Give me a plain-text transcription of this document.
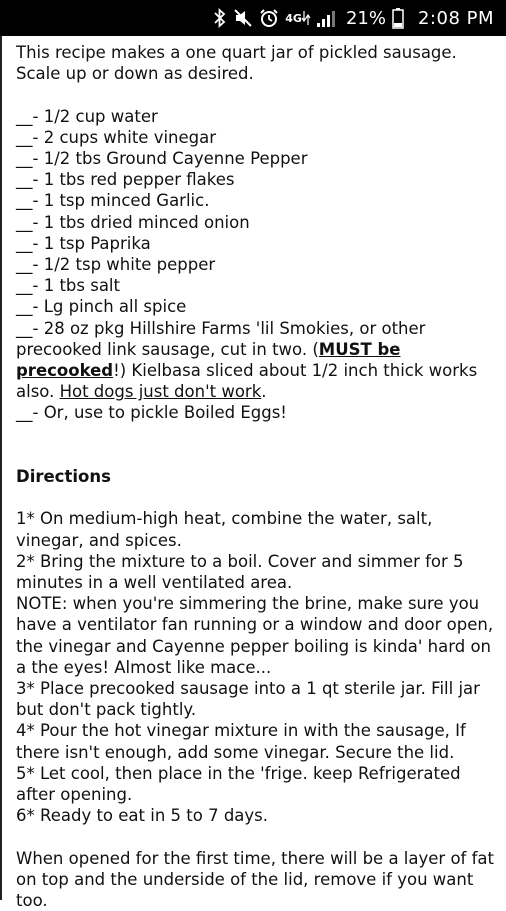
4G 21% 2:08 PM

This recipe makes a one quart jar of pickled sausage. Scale up or down as desired.

__- 1/2 cup water

__- 2 cups white vinegar

__- 1/2 tbs Ground Cayenne Pepper

__- 1 tbs red pepper flakes

__- 1 tsp minced Garlic.

__- 1 tbs dried minced onion

__- 1 tsp Paprika

__- 1/2 tsp white pepper

__- 1 tbs salt

__- Lg pinch all spice

__- 28 oz pkg Hillshire Farms 'lil Smokies, or other precooked link sausage, cut in two. (MUST be precooked!) Kielbasa sliced about 1/2 inch thick works also. Hot dogs just don't work.

__- Or, use to pickle Boiled Eggs!

Directions

1* On medium-high heat, combine the water, salt, vinegar, and spices.

2* Bring the mixture to a boil. Cover and simmer for 5 minutes in a well ventilated area.

NOTE: when you're simmering the brine, make sure you have a ventilator fan running or a window and door open, the vinegar and Cayenne pepper boiling is kinda' hard on a the eyes! Almost like mace...

3* Place precooked sausage into a 1 qt sterile jar. Fill jar but don't pack tightly.

4* Pour the hot vinegar mixture in with the sausage, If there isn't enough, add some vinegar. Secure the lid.

5* Let cool, then place in the 'frige. keep Refrigerated after opening.

6* Ready to eat in 5 to 7 days.

When opened for the first time, there will be a layer of fat on top and the underside of the lid, remove if you want too.
